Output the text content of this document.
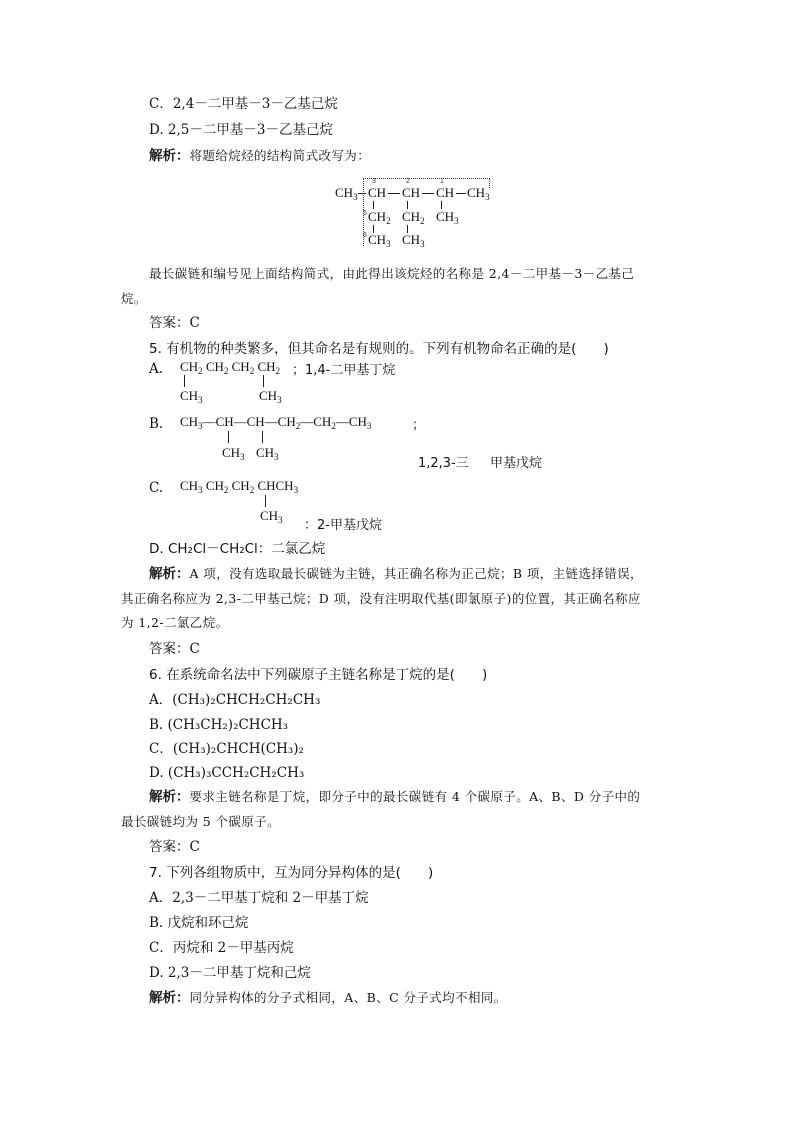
C．2,4－二甲基－3－乙基己烷
D. 2,5－二甲基－3－乙基己烷
解析：将题给烷烃的结构简式改写为：
$CH_3$ CH CH CH $CH_3$
3	2	1
5
6
$CH_2$ $CH_2$ $CH_3$
$CH_3$ $CH_3$
最长碳链和编号见上面结构简式，由此得出该烷烃的名称是 2,4－二甲基－3－乙基己
烷。
答案：C
5. 有机物的种类繁多，但其命名是有规则的。下列有机物命名正确的是(　　)
A. $CH_2$ $CH_2$ $CH_2$ $CH_2$ ；1,4-二甲基丁烷
$CH_3$	$CH_3$
B. $CH_3—CH—CH—CH_2—CH_2—CH_3$	；
$CH_3$ $CH_3$	1,2,3-三 甲基戊烷
C. $CH_3$ $CH_2$ $CH_2$ $CHCH_3$
$CH_3$ ：2-甲基戊烷
D. CH₂Cl－CH₂Cl：二氯乙烷
解析：A 项，没有选取最长碳链为主链，其正确名称为正己烷；B 项，主链选择错误，
其正确名称应为 2,3-二甲基己烷；D 项，没有注明取代基(即氯原子)的位置，其正确名称应
为 1,2-二氯乙烷。
答案：C
6. 在系统命名法中下列碳原子主链名称是丁烷的是(　　)
A．(CH₃)₂CHCH₂CH₂CH₃
B. (CH₃CH₂)₂CHCH₃
C．(CH₃)₂CHCH(CH₃)₂
D. (CH₃)₃CCH₂CH₂CH₃
解析：要求主链名称是丁烷，即分子中的最长碳链有 4 个碳原子。A、B、D 分子中的
最长碳链均为 5 个碳原子。
答案：C
7. 下列各组物质中，互为同分异构体的是(　　)
A．2,3－二甲基丁烷和 2－甲基丁烷
B. 戊烷和环己烷
C．丙烷和 2－甲基丙烷
D. 2,3－二甲基丁烷和己烷
解析：同分异构体的分子式相同，A、B、C 分子式均不相同。
